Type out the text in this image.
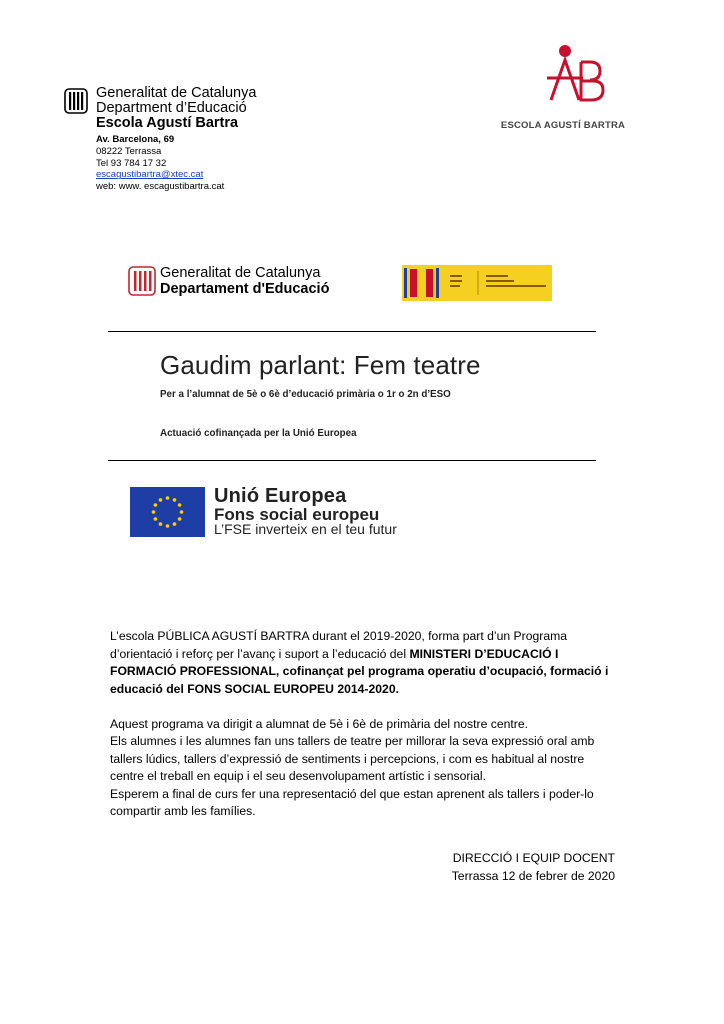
Generalitat de Catalunya
Department d’Educació
Escola Agustí Bartra
Av. Barcelona, 69
08222 Terrassa
Tel 93 784 17 32
escagustibartra@xtec.cat
web: www. escagustibartra.cat
ESCOLA AGUSTÍ BARTRA
Generalitat de Catalunya
Departament d'Educació
Gaudim parlant: Fem teatre
Per a l’alumnat de 5è o 6è d’educació primària o 1r o 2n d’ESO
Actuació cofinançada per la Unió Europea
Unió Europea
Fons social europeu
L’FSE inverteix en el teu futur

L’escola PÚBLICA AGUSTÍ BARTRA durant el 2019-2020, forma part d’un Programa d’orientació i reforç per l’avanç i suport a l’educació del MINISTERI D’EDUCACIÓ I FORMACIÓ PROFESSIONAL, cofinançat pel programa operatiu d’ocupació, formació i educació del FONS SOCIAL EUROPEU 2014-2020.

Aquest programa va dirigit a alumnat de 5è i 6è de primària del nostre centre.

Els alumnes i les alumnes fan uns tallers de teatre per millorar la seva expressió oral amb tallers lúdics, tallers d’expressió de sentiments i percepcions, i com es habitual al nostre centre el treball en equip i el seu desenvolupament artístic i sensorial.

Esperem a final de curs fer una representació del que estan aprenent als tallers i poder-lo compartir amb les famílies.

DIRECCIÓ I EQUIP DOCENT
Terrassa 12 de febrer de 2020
